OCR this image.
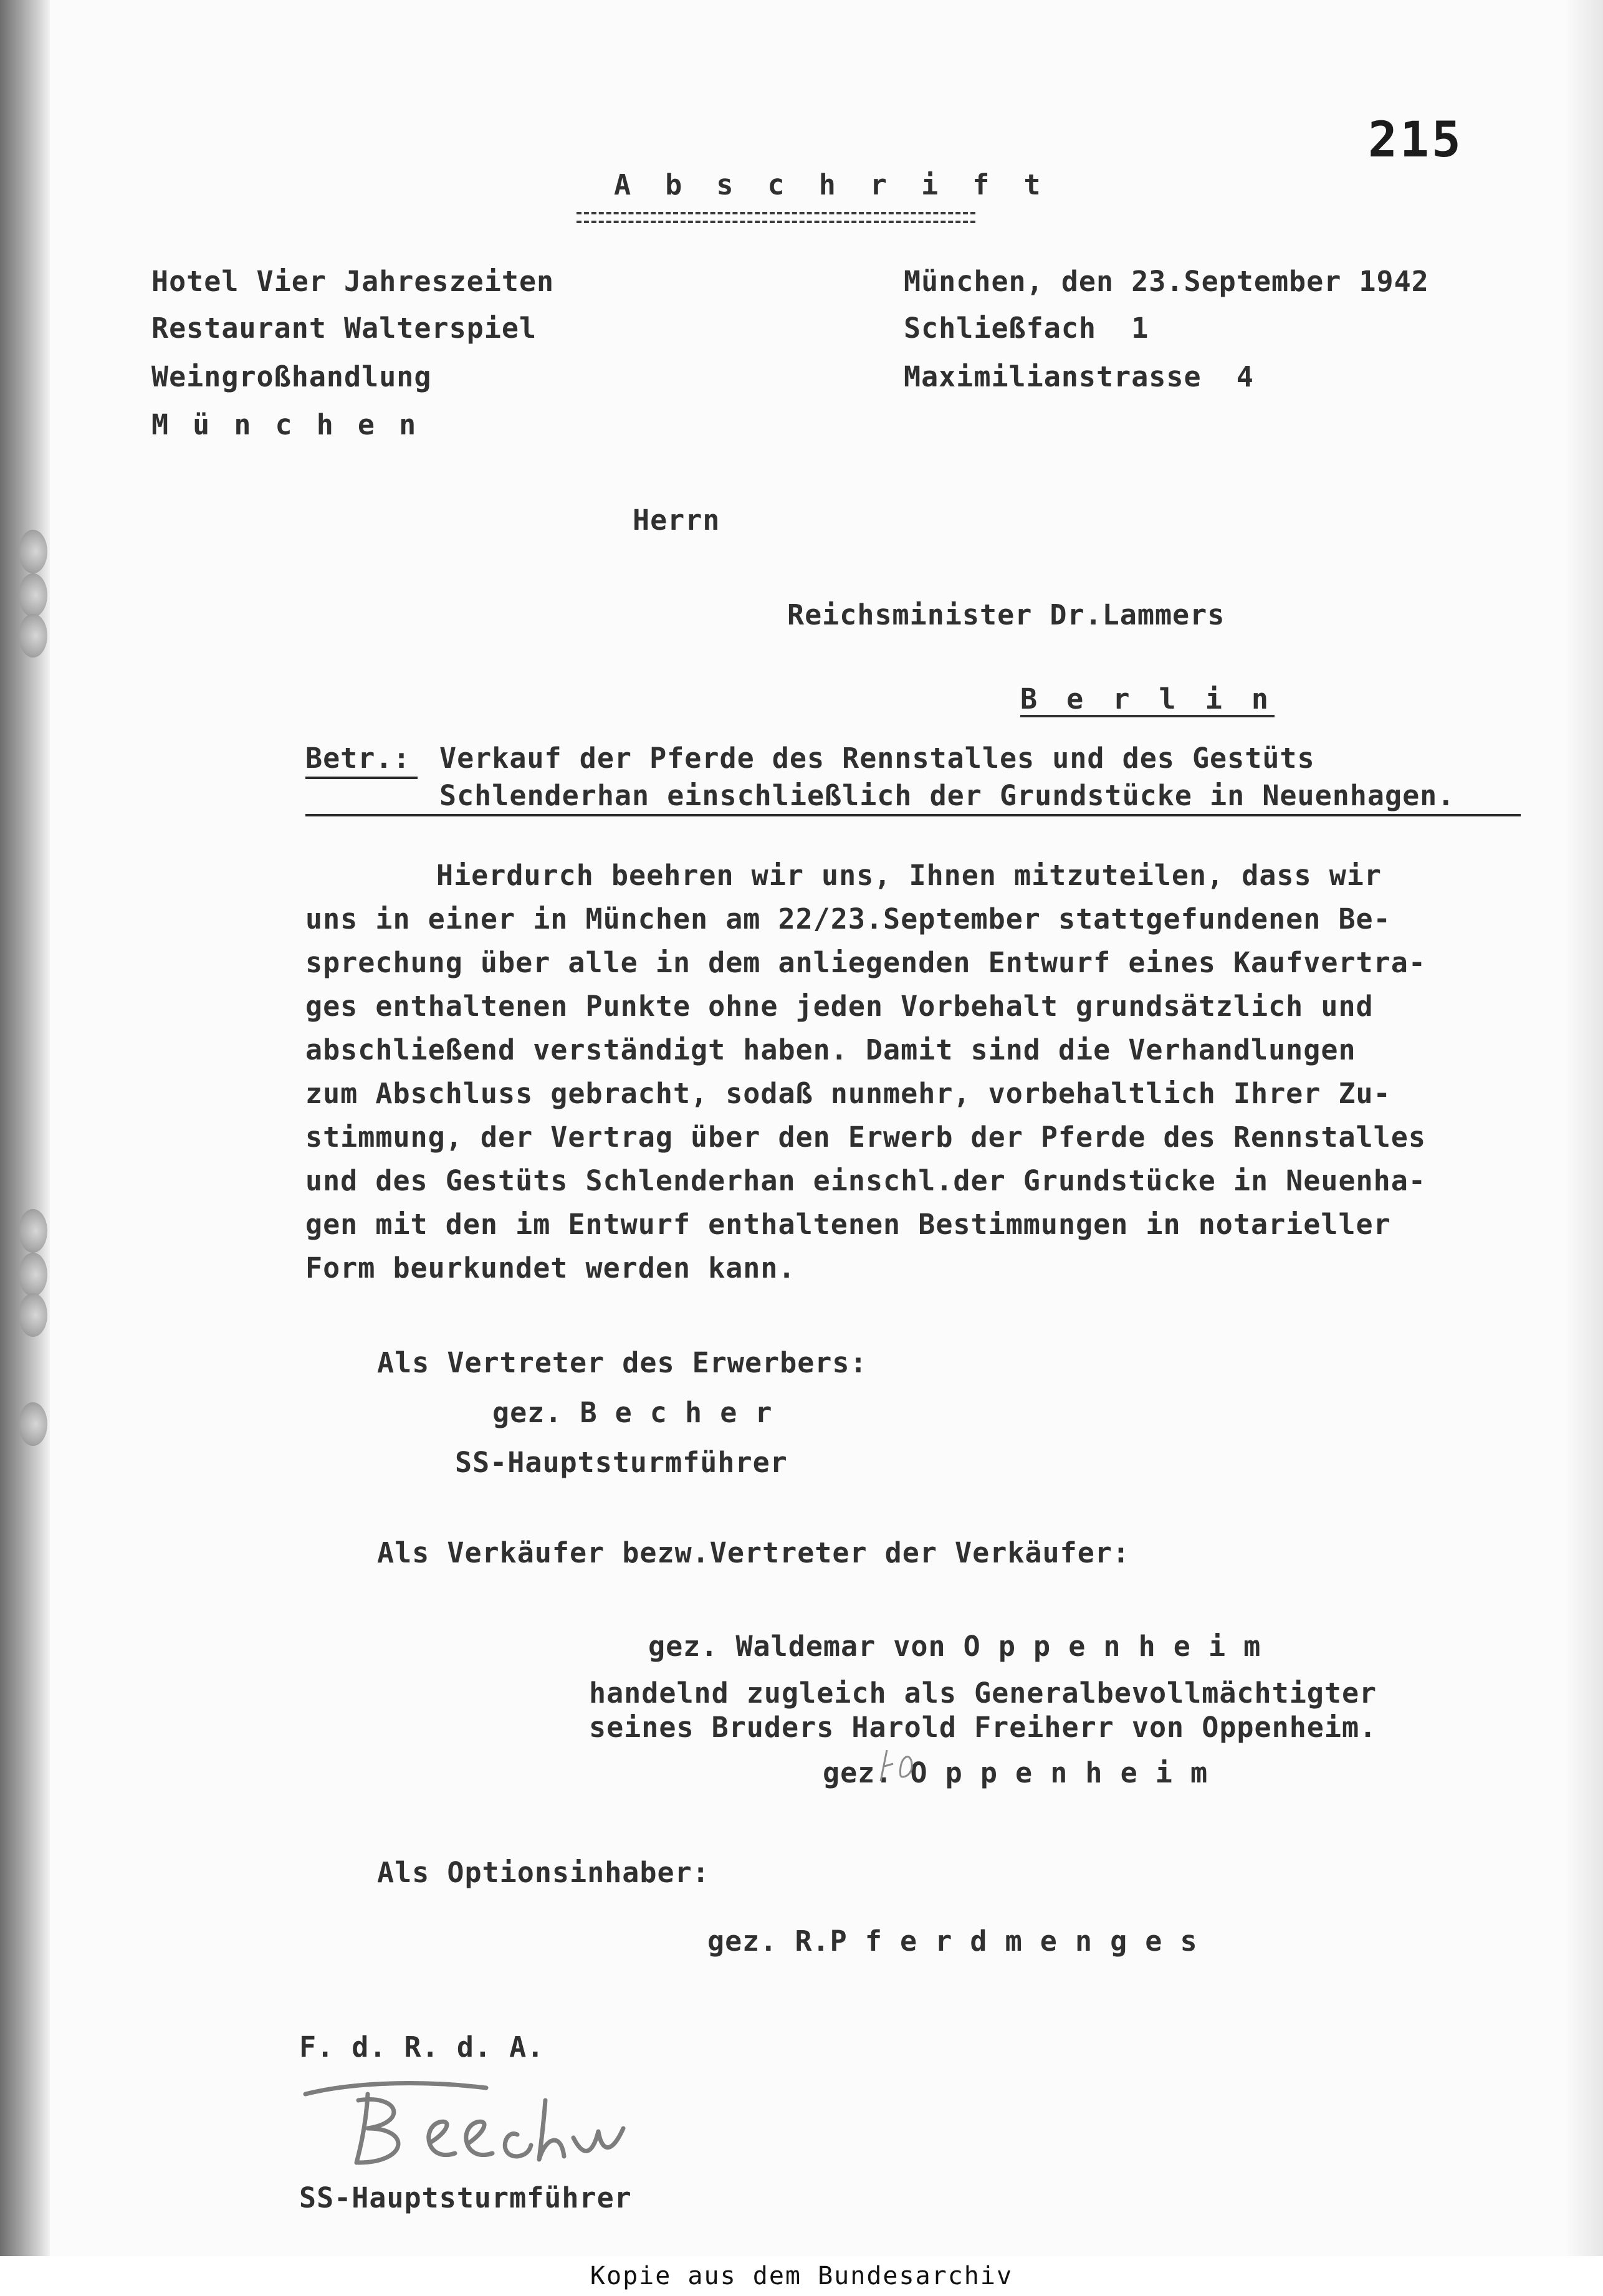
215
A b s c h r i f t
Hotel Vier Jahreszeiten
Restaurant Walterspiel
Weingroßhandlung
M ü n c h e n
München, den 23.September 1942
Schließfach  1
Maximilianstrasse  4
Herrn
Reichsminister Dr.Lammers
B e r l i n
Betr.: Verkauf der Pferde des Rennstalles und des Gestüts
Schlenderhan einschließlich der Grundstücke in Neuenhagen.
Hierdurch beehren wir uns, Ihnen mitzuteilen, dass wir
uns in einer in München am 22/23.September stattgefundenen Be-
sprechung über alle in dem anliegenden Entwurf eines Kaufvertra-
ges enthaltenen Punkte ohne jeden Vorbehalt grundsätzlich und
abschließend verständigt haben. Damit sind die Verhandlungen
zum Abschluss gebracht, sodaß nunmehr, vorbehaltlich Ihrer Zu-
stimmung, der Vertrag über den Erwerb der Pferde des Rennstalles
und des Gestüts Schlenderhan einschl.der Grundstücke in Neuenha-
gen mit den im Entwurf enthaltenen Bestimmungen in notarieller
Form beurkundet werden kann.
Als Vertreter des Erwerbers:
gez. B e c h e r
SS-Hauptsturmführer
Als Verkäufer bezw.Vertreter der Verkäufer:
gez. Waldemar von O p p e n h e i m
handelnd zugleich als Generalbevollmächtigter
seines Bruders Harold Freiherr von Oppenheim.
gez. O p p e n h e i m
Als Optionsinhaber:
gez. R.P f e r d m e n g e s
F. d. R. d. A.
SS-Hauptsturmführer
Kopie aus dem Bundesarchiv
